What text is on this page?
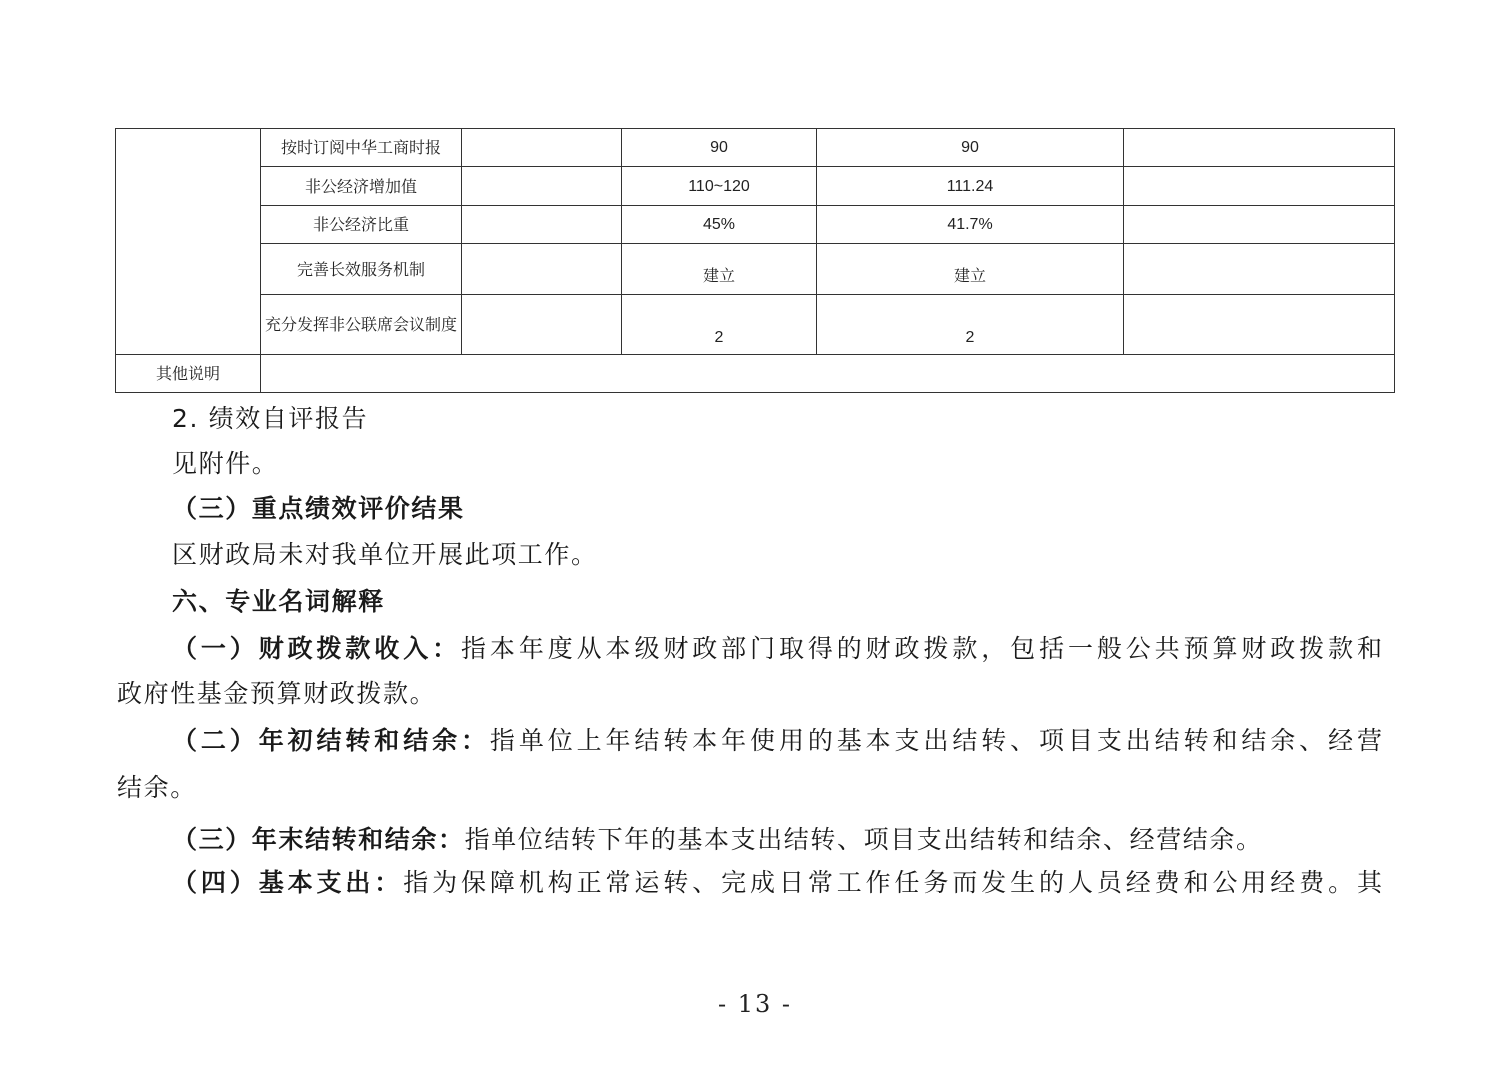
	按时订阅中华工商时报		90	90	
	非公经济增加值		110~120	111.24	
	非公经济比重		45%	41.7%	
	完善长效服务机制		建立	建立	
	充分发挥非公联席会议制度		2	2	
其他说明					
2. 绩效自评报告
见附件。
（三）重点绩效评价结果
区财政局未对我单位开展此项工作。
六、专业名词解释
（一）财政拨款收入：指本年度从本级财政部门取得的财政拨款，包括一般公共预算财政拨款和
政府性基金预算财政拨款。
（二）年初结转和结余：指单位上年结转本年使用的基本支出结转、项目支出结转和结余、经营
结余。
（三）年末结转和结余：指单位结转下年的基本支出结转、项目支出结转和结余、经营结余。
（四）基本支出：指为保障机构正常运转、完成日常工作任务而发生的人员经费和公用经费。其
- 13 -
